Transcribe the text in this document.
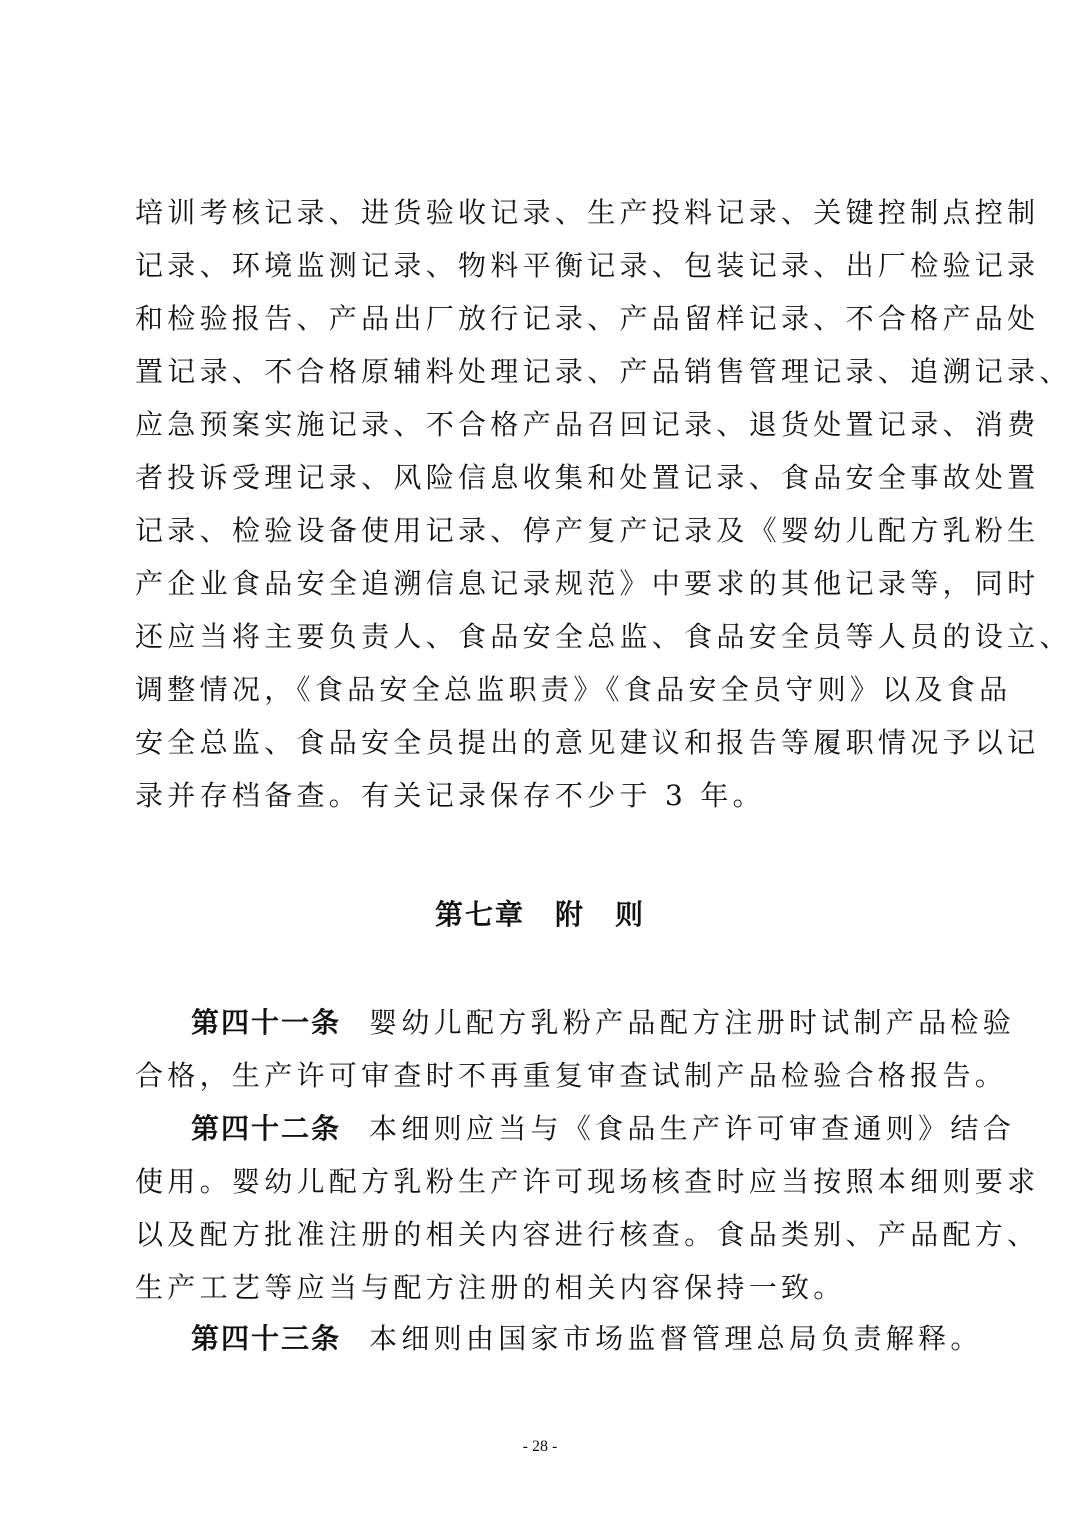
培训考核记录、进货验收记录、生产投料记录、关键控制点控制
记录、环境监测记录、物料平衡记录、包装记录、出厂检验记录
和检验报告、产品出厂放行记录、产品留样记录、不合格产品处
置记录、不合格原辅料处理记录、产品销售管理记录、追溯记录、
应急预案实施记录、不合格产品召回记录、退货处置记录、消费
者投诉受理记录、风险信息收集和处置记录、食品安全事故处置
记录、检验设备使用记录、停产复产记录及《婴幼儿配方乳粉生
产企业食品安全追溯信息记录规范》中要求的其他记录等，同时
还应当将主要负责人、食品安全总监、食品安全员等人员的设立、
调整情况，《食品安全总监职责》《食品安全员守则》以及食品
安全总监、食品安全员提出的意见建议和报告等履职情况予以记
录并存档备查。有关记录保存不少于 3 年。
第七章 附　则
第四十一条 婴幼儿配方乳粉产品配方注册时试制产品检验
合格，生产许可审查时不再重复审查试制产品检验合格报告。
第四十二条 本细则应当与《食品生产许可审查通则》结合
使用。婴幼儿配方乳粉生产许可现场核查时应当按照本细则要求
以及配方批准注册的相关内容进行核查。食品类别、产品配方、
生产工艺等应当与配方注册的相关内容保持一致。
第四十三条 本细则由国家市场监督管理总局负责解释。
- 28 -
